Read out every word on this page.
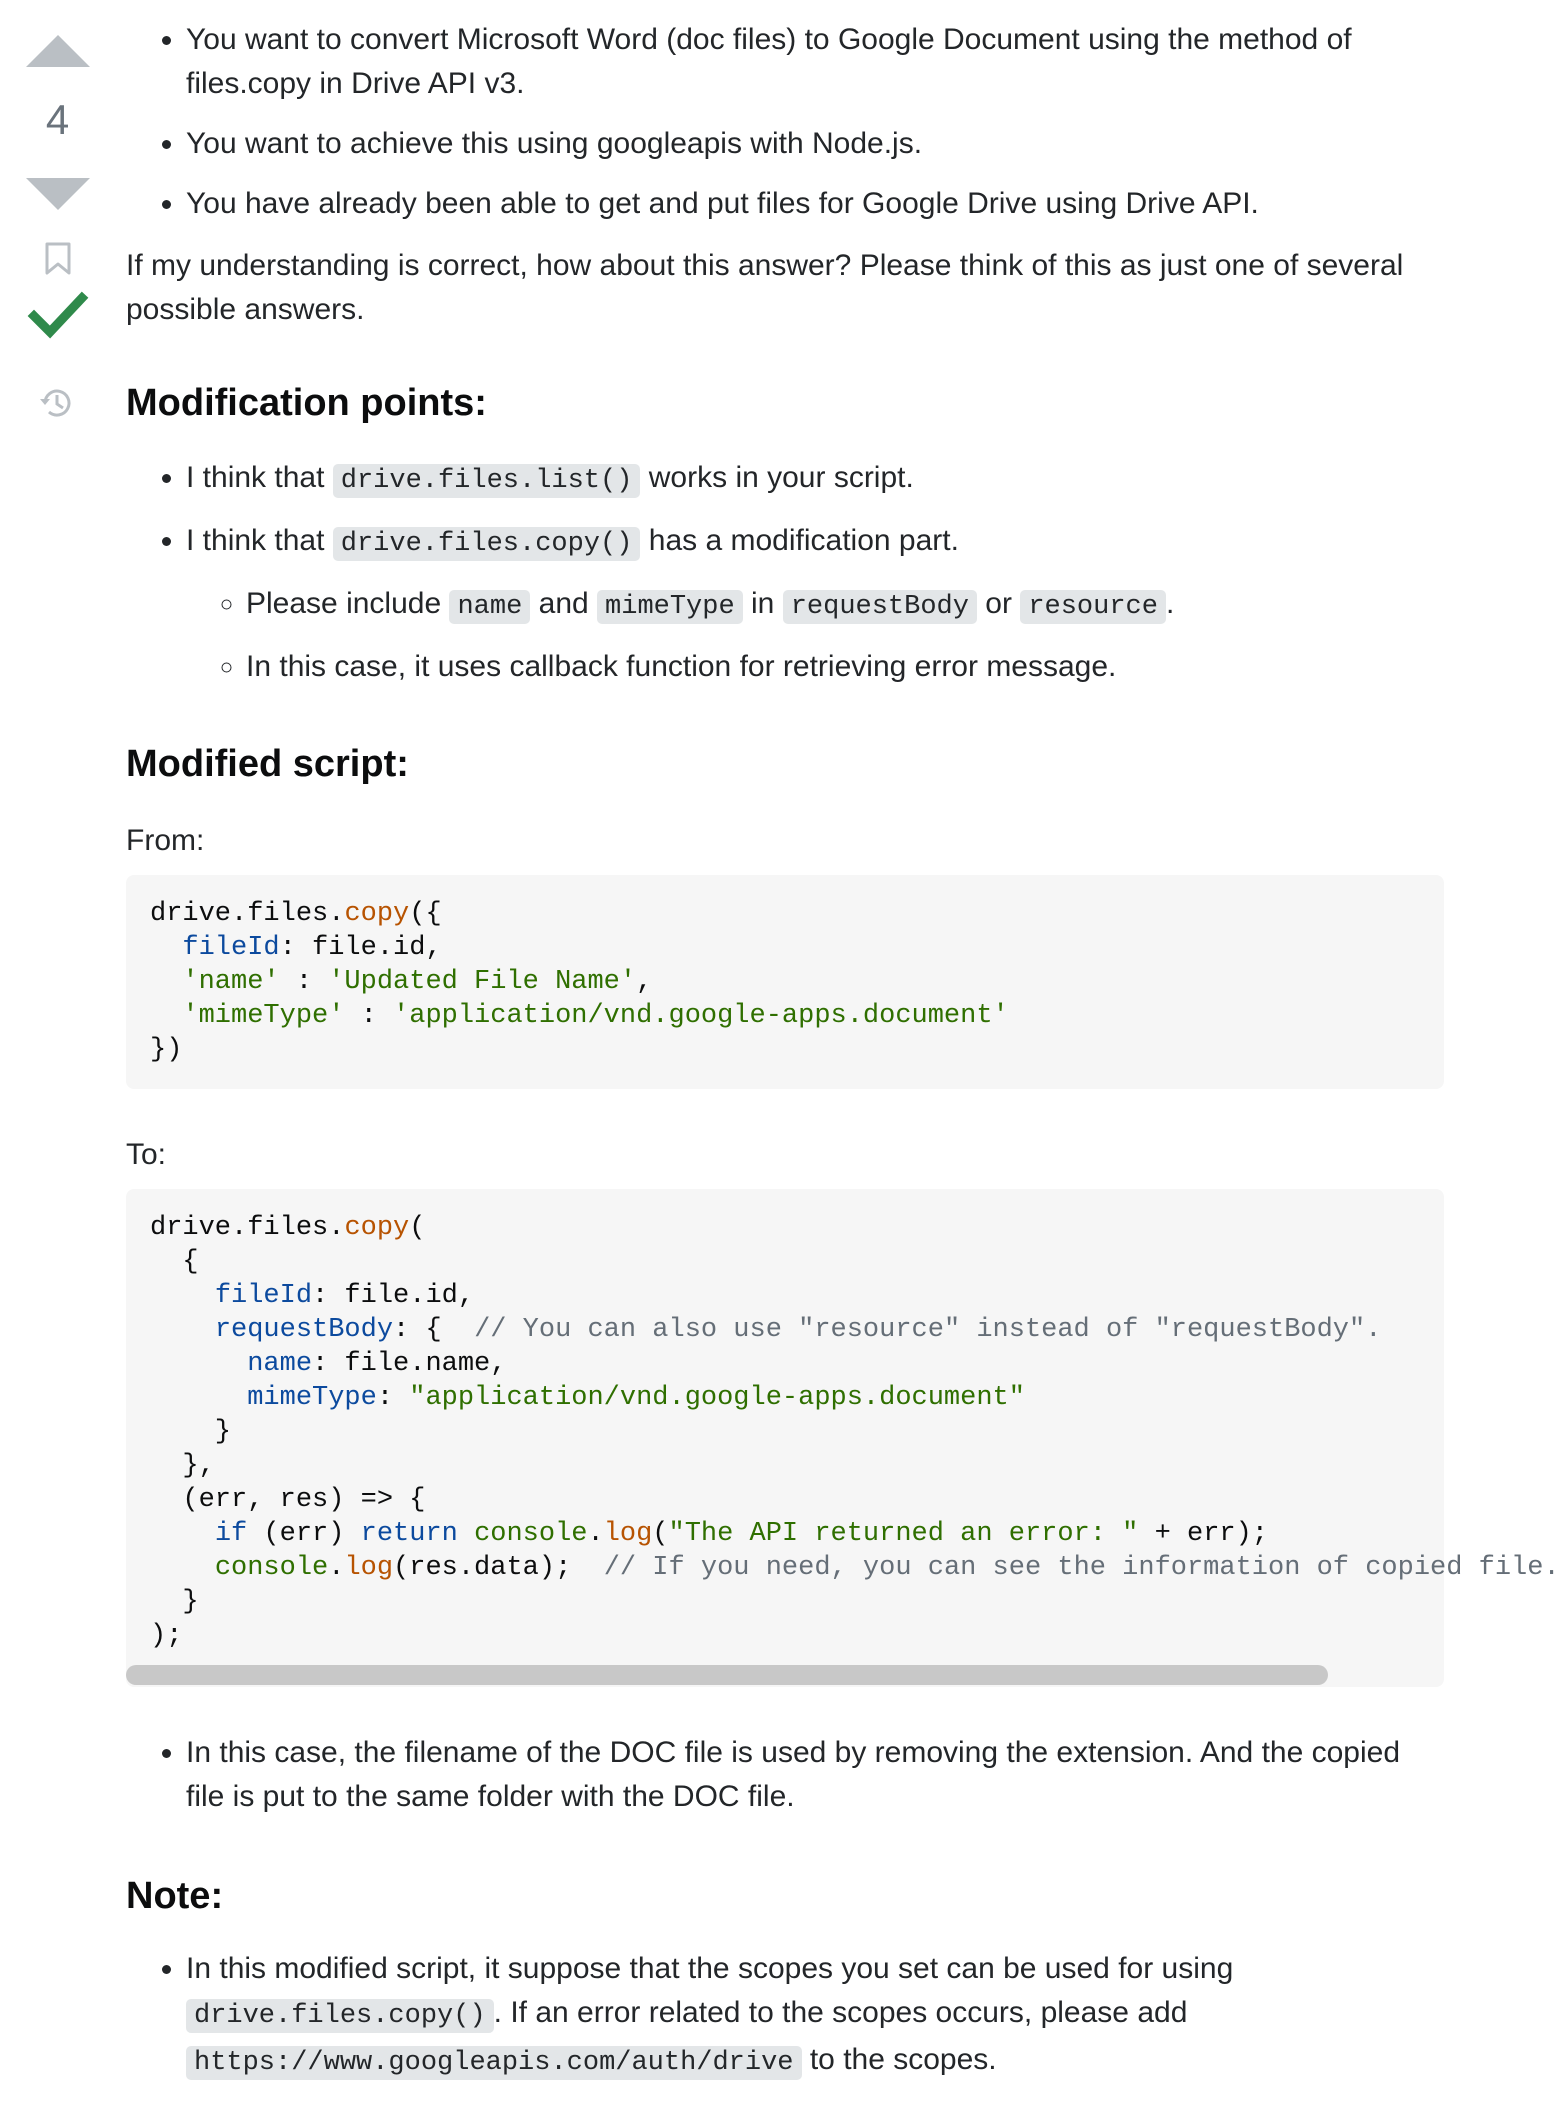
4
• You want to convert Microsoft Word (doc files) to Google Document using the method of files.copy in Drive API v3.
• You want to achieve this using googleapis with Node.js.
• You have already been able to get and put files for Google Drive using Drive API.

If my understanding is correct, how about this answer? Please think of this as just one of several possible answers.

Modification points:
• I think that drive.files.list() works in your script.
• I think that drive.files.copy() has a modification part.
◦ Please include name and mimeType in requestBody or resource .
◦ In this case, it uses callback function for retrieving error message.
Modified script:

From:

drive.files.copy({
fileId: file.id,
'name' : 'Updated File Name',
'mimeType' : 'application/vnd.google-apps.document'
})

To:

drive.files.copy(
{
fileId: file.id,
requestBody: {  // You can also use "resource" instead of "requestBody".
name: file.name,
mimeType: "application/vnd.google-apps.document"
}
},
(err, res) => {
if (err) return console.log("The API returned an error: " + err);
console.log(res.data);  // If you need, you can see the information of copied file.
}
);

• In this case, the filename of the DOC file is used by removing the extension. And the copied file is put to the same folder with the DOC file.
Note:
• In this modified script, it suppose that the scopes you set can be used for using drive.files.copy() . If an error related to the scopes occurs, please add https://www.googleapis.com/auth/drive to the scopes.
